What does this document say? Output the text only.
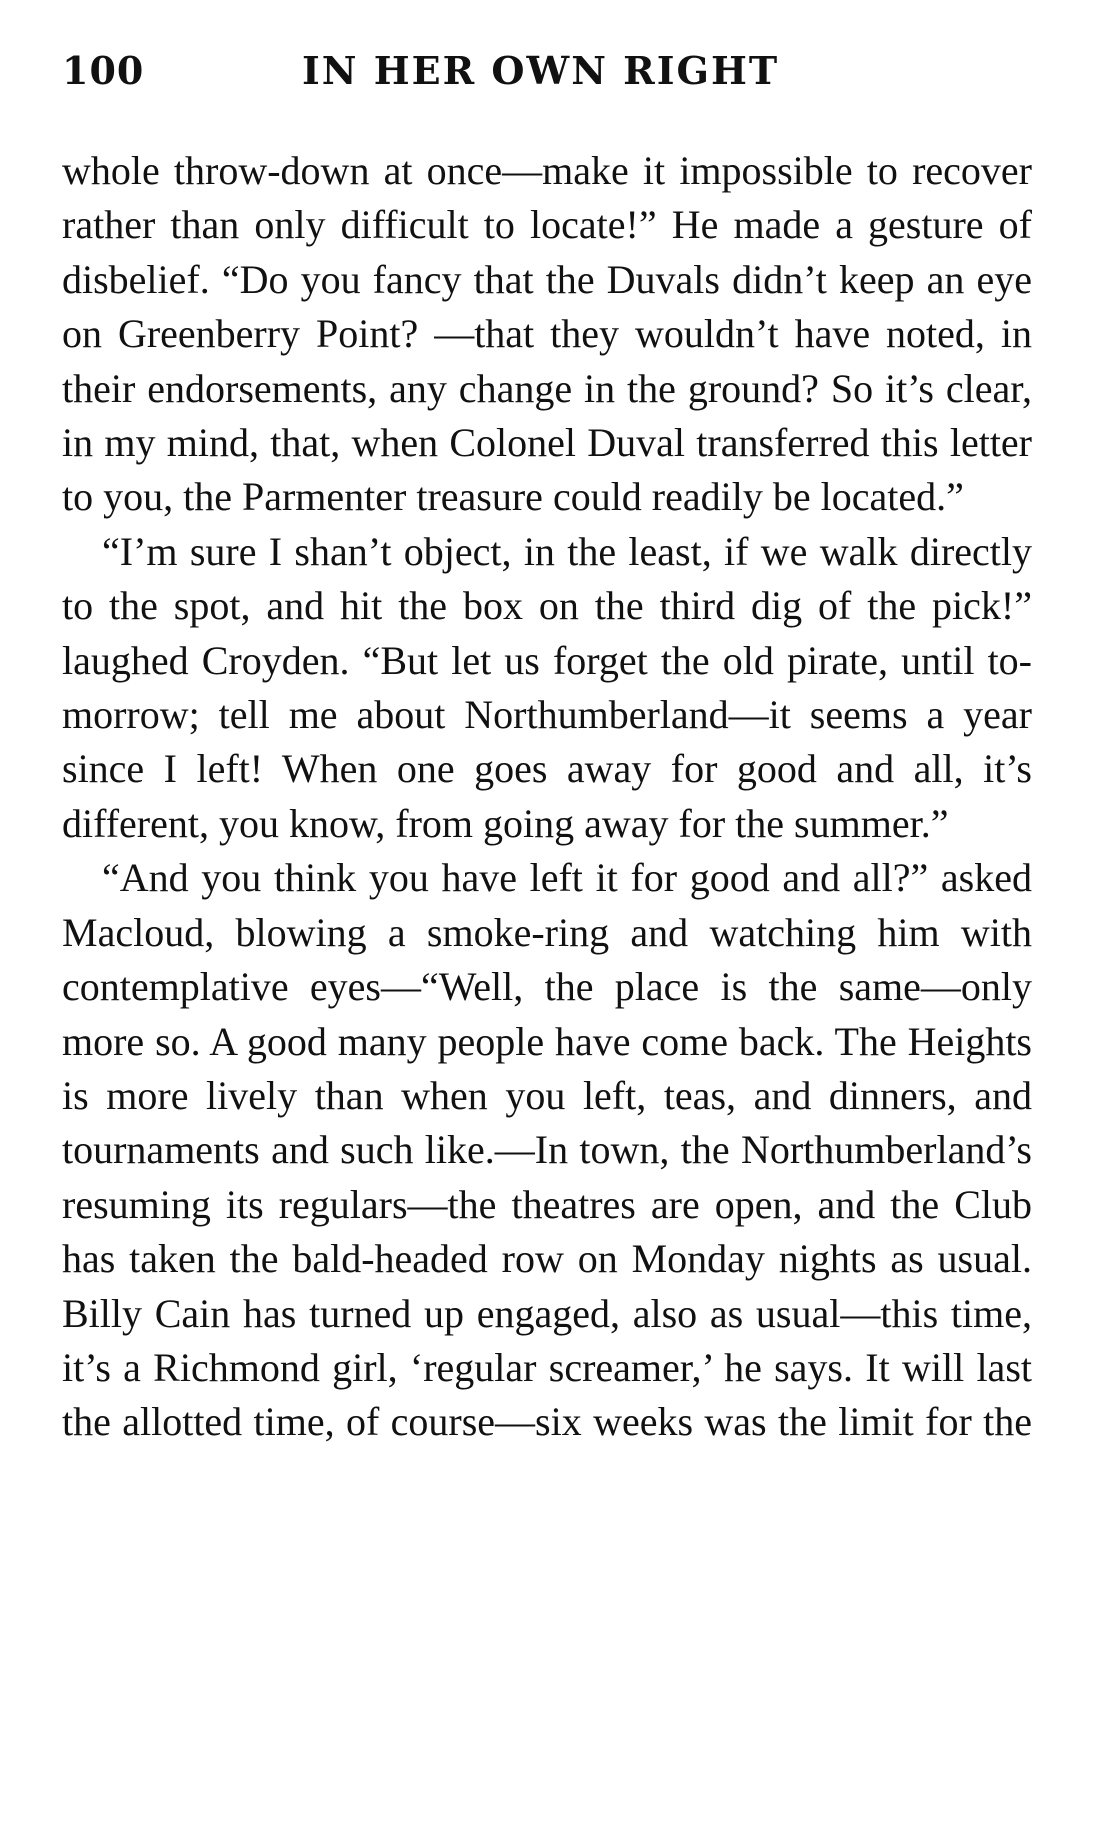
100	IN HER OWN RIGHT

whole throw-down at once—make it impossible to recover rather than only difficult to locate!” He made a gesture of disbelief. “Do you fancy that the Duvals didn’t keep an eye on Greenberry Point? —that they wouldn’t have noted, in their endorsements, any change in the ground? So it’s clear, in my mind, that, when Colonel Duval transferred this letter to you, the Parmenter treasure could readily be located.”

“I’m sure I shan’t object, in the least, if we walk directly to the spot, and hit the box on the third dig of the pick!” laughed Croyden. “But let us forget the old pirate, until to-morrow; tell me about Northumberland—it seems a year since I left! When one goes away for good and all, it’s different, you know, from going away for the summer.”

“And you think you have left it for good and all?” asked Macloud, blowing a smoke-ring and watching him with contemplative eyes—“Well, the place is the same—only more so. A good many people have come back. The Heights is more lively than when you left, teas, and dinners, and tournaments and such like.—In town, the Northumberland’s resuming its regulars—the theatres are open, and the Club has taken the bald-headed row on Monday nights as usual. Billy Cain has turned up engaged, also as usual—this time, it’s a Richmond girl, ‘regular screamer,’ he says. It will last the allotted time, of course—six weeks was the limit for the
